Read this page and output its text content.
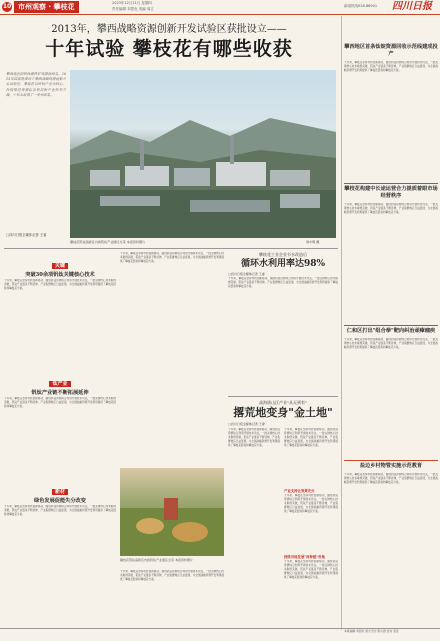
10 市州观察 · 攀枝花	2023年12月21日 星期四
责任编辑 刘思危 美编 周立
新闻热线028-86901 四川日报
2013年，攀西战略资源创新开发试验区获批设立——
十年试验 攀枝花有哪些收获
攀西地区因钒钛磁铁矿资源而闻名。2013年国家批准设立攀西战略资源创新开发试验区，攀枝花以钒钛产业为核心，持续推进资源综合利用和产业转型升级，十年来取得了一系列成果。
□四川日报全媒体记者 王睿
攀枝花钒钛高新区内的钒钛产业园区全景 本报资料图片	周中明 摄
关键
突破30余项钒钛关键核心技术
十年来，攀枝花坚持科技创新驱动，围绕钒钛资源综合利用开展技术攻关，一批关键核心技术取得突破，钒钛产业链条不断延伸，产业集群效应日益显现，为全国战略资源开发利用提供了攀枝花经验和攀枝花方案。
钛产业
钒钛产业链不断拓展延伸
十年来，攀枝花坚持科技创新驱动，围绕钒钛资源综合利用开展技术攻关，一批关键核心技术取得突破，钒钛产业链条不断延伸，产业集群效应日益显现，为全国战略资源开发利用提供了攀枝花经验和攀枝花方案。
新材
绿色发展促能失分改变
十年来，攀枝花坚持科技创新驱动，围绕钒钛资源综合利用开展技术攻关，一批关键核心技术取得突破，钒钛产业链条不断延伸，产业集群效应日益显现，为全国战略资源开发利用提供了攀枝花经验和攀枝花方案。
十年来，攀枝花坚持科技创新驱动，围绕钒钛资源综合利用开展技术攻关，一批关键核心技术取得突破，钒钛产业链条不断延伸，产业集群效应日益显现，为全国战略资源开发利用提供了攀枝花经验和攀枝花方案。
攀枝花钒钛高新区内的钒钛产业园区全景 本报资料图片
十年来，攀枝花坚持科技创新驱动，围绕钒钛资源综合利用开展技术攻关，一批关键核心技术取得突破，钒钛产业链条不断延伸，产业集群效应日益显现，为全国战略资源开发利用提供了攀枝花经验和攀枝花方案。
攀枝花工业企业节水改造后
循环水利用率达98%
□四川日报全媒体记者 王睿
十年来，攀枝花坚持科技创新驱动，围绕钒钛资源综合利用开展技术攻关，一批关键核心技术取得突破，钒钛产业链条不断延伸，产业集群效应日益显现，为全国战略资源开发利用提供了攀枝花经验和攀枝花方案。
高海拔山区产业"从无到有"
撂荒地变身"金土地"
□四川日报全媒体记者 王睿
十年来，攀枝花坚持科技创新驱动，围绕钒钛资源综合利用开展技术攻关，一批关键核心技术取得突破，钒钛产业链条不断延伸，产业集群效应日益显现，为全国战略资源开发利用提供了攀枝花经验和攀枝花方案。
十年来，攀枝花坚持科技创新驱动，围绕钒钛资源综合利用开展技术攻关，一批关键核心技术取得突破，钒钛产业链条不断延伸，产业集群效应日益显现，为全国战略资源开发利用提供了攀枝花经验和攀枝花方案。
产业支持让效果充分
十年来，攀枝花坚持科技创新驱动，围绕钒钛资源综合利用开展技术攻关，一批关键核心技术取得突破，钒钛产业链条不断延伸，产业集群效应日益显现，为全国战略资源开发利用提供了攀枝花经验和攀枝花方案。
持续当地发展"再种植"各地
十年来，攀枝花坚持科技创新驱动，围绕钒钛资源综合利用开展技术攻关，一批关键核心技术取得突破，钒钛产业链条不断延伸，产业集群效应日益显现，为全国战略资源开发利用提供了攀枝花经验和攀枝花方案。
攀西地区首条钛锭资源回收示范线建成投产
十年来，攀枝花坚持科技创新驱动，围绕钒钛资源综合利用开展技术攻关，一批关键核心技术取得突破，钒钛产业链条不断延伸，产业集群效应日益显现，为全国战略资源开发利用提供了攀枝花经验和攀枝花方案。
攀枝花构建中长途运营合力提质着眼市场经营秩序
十年来，攀枝花坚持科技创新驱动，围绕钒钛资源综合利用开展技术攻关，一批关键核心技术取得突破，钒钛产业链条不断延伸，产业集群效应日益显现，为全国战略资源开发利用提供了攀枝花经验和攀枝花方案。
仁和区打出"组合拳"靶向纠治顽瘴痼疾
十年来，攀枝花坚持科技创新驱动，围绕钒钛资源综合利用开展技术攻关，一批关键核心技术取得突破，钒钛产业链条不断延伸，产业集群效应日益显现，为全国战略资源开发利用提供了攀枝花经验和攀枝花方案。
盐边乡村物管实施示范教育
十年来，攀枝花坚持科技创新驱动，围绕钒钛资源综合利用开展技术攻关，一批关键核心技术取得突破，钒钛产业链条不断延伸，产业集群效应日益显现，为全国战略资源开发利用提供了攀枝花经验和攀枝花方案。
本版编辑 刘思危 版式设计 陈小图 校对 张佳
